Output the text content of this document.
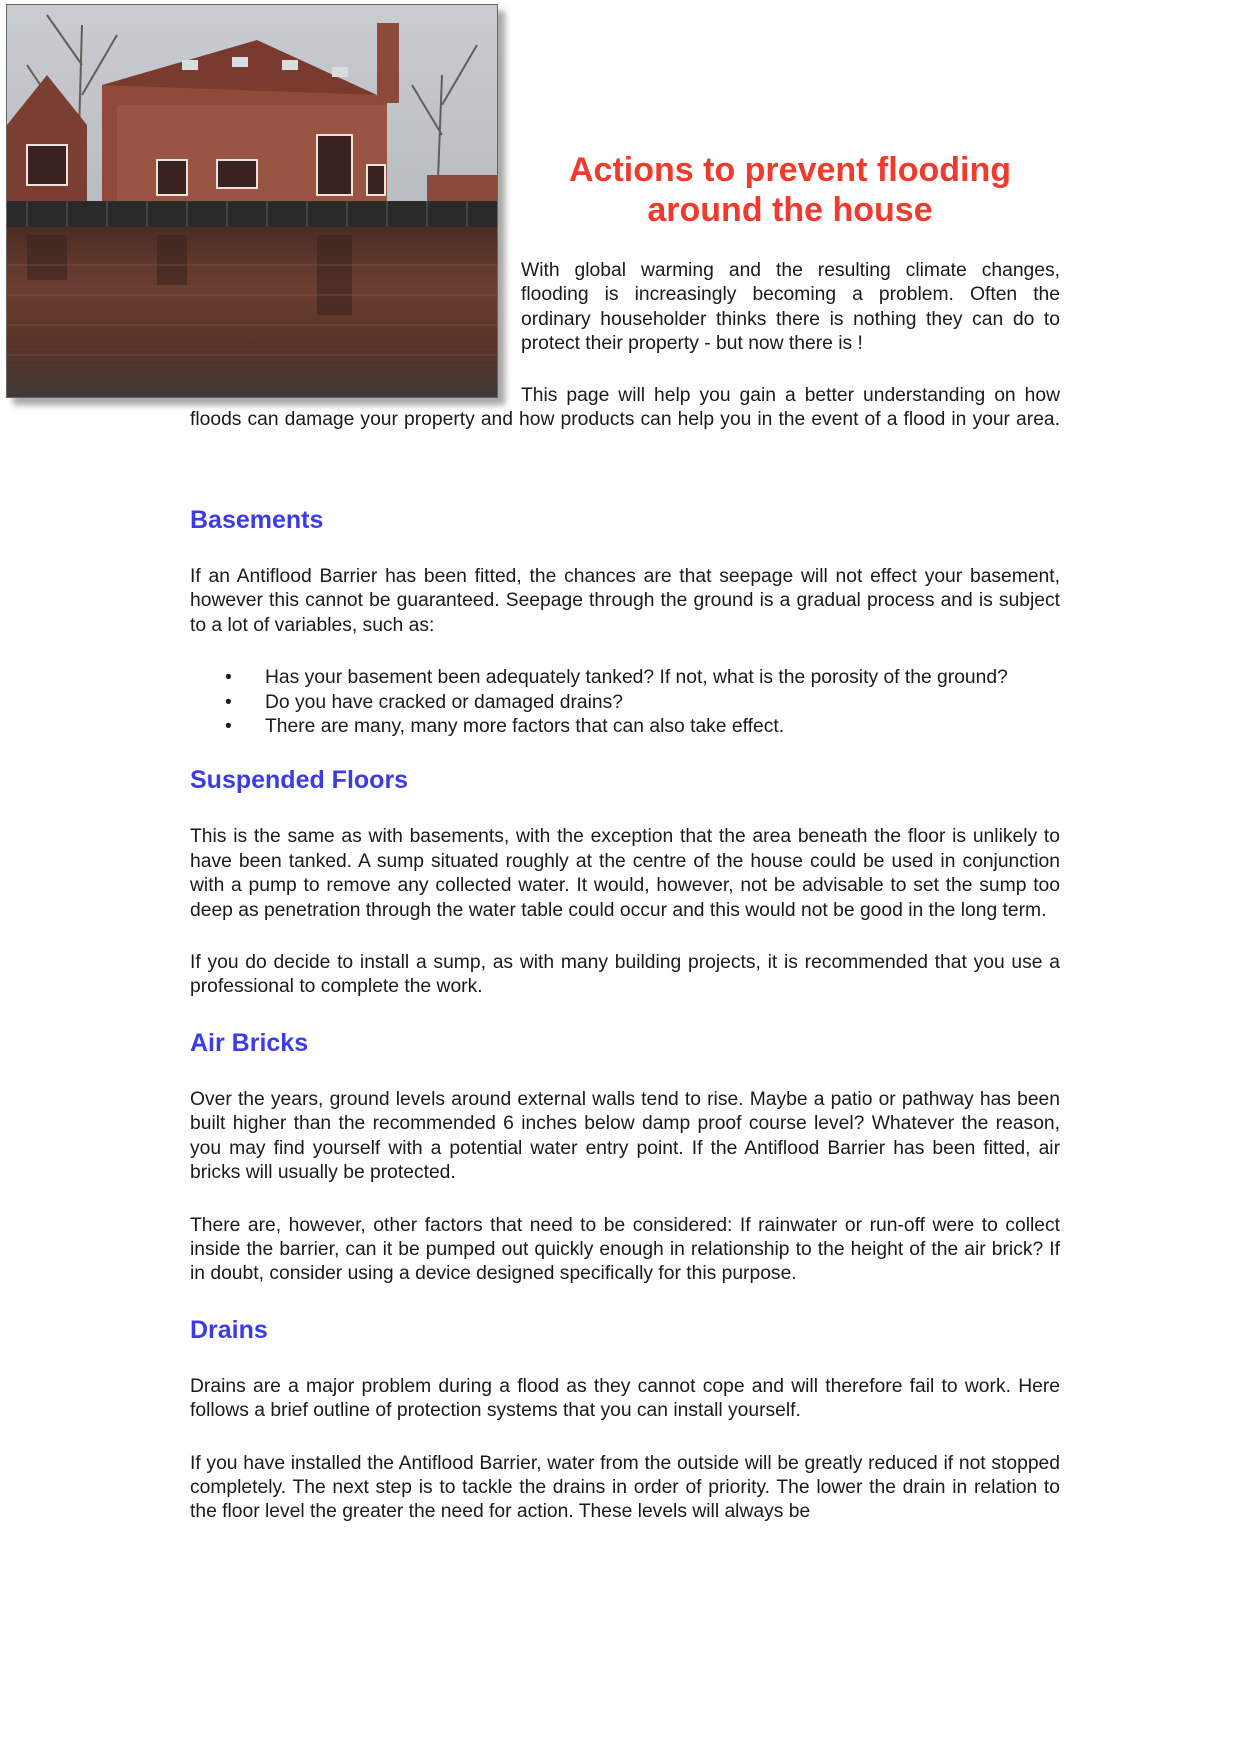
Actions to prevent flooding
around the house

With global warming and the resulting climate changes, flooding is increasingly becoming a problem. Often the ordinary householder thinks there is nothing they can do to protect their property - but now there is !

This page will help you gain a better understanding on how floods can damage your property and how products can help you in the event of a flood in your area.

Basements

If an Antiflood Barrier has been fitted, the chances are that seepage will not effect your basement, however this cannot be guaranteed. Seepage through the ground is a gradual process and is subject to a lot of variables, such as:

• Has your basement been adequately tanked? If not, what is the porosity of the ground?
• Do you have cracked or damaged drains?
• There are many, many more factors that can also take effect.
Suspended Floors

This is the same as with basements, with the exception that the area beneath the floor is unlikely to have been tanked. A sump situated roughly at the centre of the house could be used in conjunction with a pump to remove any collected water. It would, however, not be advisable to set the sump too deep as penetration through the water table could occur and this would not be good in the long term.

If you do decide to install a sump, as with many building projects, it is recommended that you use a professional to complete the work.

Air Bricks

Over the years, ground levels around external walls tend to rise. Maybe a patio or pathway has been built higher than the recommended 6 inches below damp proof course level? Whatever the reason, you may find yourself with a potential water entry point. If the Antiflood Barrier has been fitted, air bricks will usually be protected.

There are, however, other factors that need to be considered: If rainwater or run-off were to collect inside the barrier, can it be pumped out quickly enough in relationship to the height of the air brick? If in doubt, consider using a device designed specifically for this purpose.

Drains

Drains are a major problem during a flood as they cannot cope and will therefore fail to work. Here follows a brief outline of protection systems that you can install yourself.

If you have installed the Antiflood Barrier, water from the outside will be greatly reduced if not stopped completely. The next step is to tackle the drains in order of priority. The lower the drain in relation to the floor level the greater the need for action. These levels will always be
